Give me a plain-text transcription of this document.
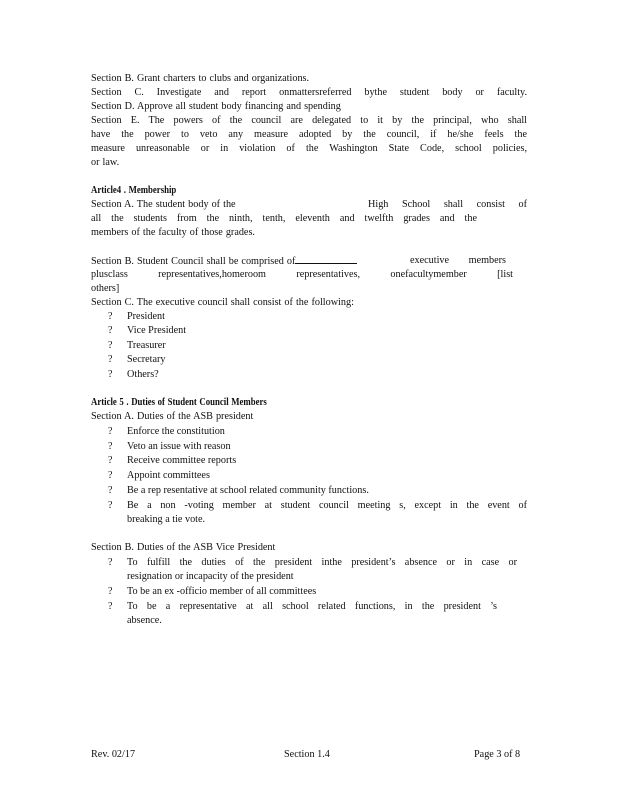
Section B. Grant charters to clubs and organizations.
Section C. Investigate and report onmattersreferred bythe student body or faculty.
Section D. Approve all student body financing and spending
Section E. The powers of the council are delegated to it by the principal, who shall
have the power to veto any measure adopted by the council, if he/she feels the
measure unreasonable or in violation of the Washington State Code, school policies,
or law.
Article4 . Membership
Section A. The student body of the	High School shall consist of
all the students from the ninth, tenth, eleventh and twelfth grades and the
members of the faculty of those grades.
Section B. Student Council shall be comprised of	executive members
plusclass representatives,homeroom representatives, onefacultymember [list
others]
Section C. The executive council shall consist of the following:
? President
? Vice President
? Treasurer
? Secretary
? Others?
Article 5 . Duties of Student Council Members
Section A. Duties of the ASB president
? Enforce the constitution
? Veto an issue with reason
? Receive committee reports
? Appoint committees
? Be a rep resentative at school related community functions.
? Be a non -voting member at student council meeting s, except in the event of
breaking a tie vote.
Section B. Duties of the ASB Vice President
? To fulfill the duties of the president inthe president’s absence or in case or
resignation or incapacity of the president
? To be an ex -officio member of all committees
? To be a representative at all school related functions, in the president ’s
absence.
Rev. 02/17	Section 1.4	Page 3 of 8
